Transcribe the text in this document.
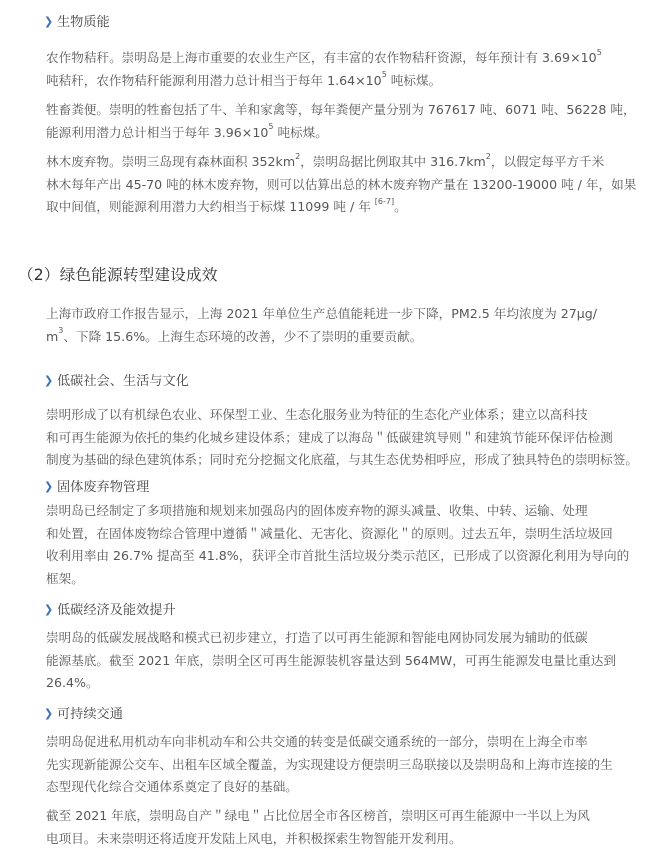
❯ 生物质能
农作物秸秆。崇明岛是上海市重要的农业生产区，有丰富的农作物秸秆资源，每年预计有 $3.69\times 10^5$
吨秸秆，农作物秸秆能源利用潜力总计相当于每年 $1.64\times 10^5$ 吨标煤。
牲畜粪便。崇明的牲畜包括了牛、羊和家禽等，每年粪便产量分别为 767617 吨、6071 吨、56228 吨，
能源利用潜力总计相当于每年 $3.96\times 10^5$ 吨标煤。
林木废弃物。崇明三岛现有森林面积 $352km^2$，崇明岛据比例取其中 $316.7km^2$，以假定每平方千米
林木每年产出 45-70 吨的林木废弃物，则可以估算出总的林木废弃物产量在 13200-19000 吨 / 年，如果
取中间值，则能源利用潜力大约相当于标煤 11099 吨 / 年 [6-7]。
（2）绿色能源转型建设成效
上海市政府工作报告显示，上海 2021 年单位生产总值能耗进一步下降，PM2.5 年均浓度为 27μg/
$m^3$、下降 15.6%。上海生态环境的改善，少不了崇明的重要贡献。
❯ 低碳社会、生活与文化
崇明形成了以有机绿色农业、环保型工业、生态化服务业为特征的生态化产业体系；建立以高科技
和可再生能源为依托的集约化城乡建设体系；建成了以海岛＂低碳建筑导则＂和建筑节能环保评估检测
制度为基础的绿色建筑体系；同时充分挖掘文化底蕴，与其生态优势相呼应，形成了独具特色的崇明标签。
❯ 固体废弃物管理
崇明岛已经制定了多项措施和规划来加强岛内的固体废弃物的源头减量、收集、中转、运输、处理
和处置，在固体废物综合管理中遵循＂减量化、无害化、资源化＂的原则。过去五年，崇明生活垃圾回
收利用率由 26.7% 提高至 41.8%，获评全市首批生活垃圾分类示范区，已形成了以资源化利用为导向的
框架。
❯ 低碳经济及能效提升
崇明岛的低碳发展战略和模式已初步建立，打造了以可再生能源和智能电网协同发展为辅助的低碳
能源基底。截至 2021 年底，崇明全区可再生能源装机容量达到 564MW，可再生能源发电量比重达到
26.4%。
❯ 可持续交通
崇明岛促进私用机动车向非机动车和公共交通的转变是低碳交通系统的一部分，崇明在上海全市率
先实现新能源公交车、出租车区域全覆盖，为实现建设方便崇明三岛联接以及崇明岛和上海市连接的生
态型现代化综合交通体系奠定了良好的基础。
截至 2021 年底，崇明岛自产＂绿电＂占比位居全市各区榜首，崇明区可再生能源中一半以上为风
电项目。未来崇明还将适度开发陆上风电，并积极探索生物智能开发利用。
